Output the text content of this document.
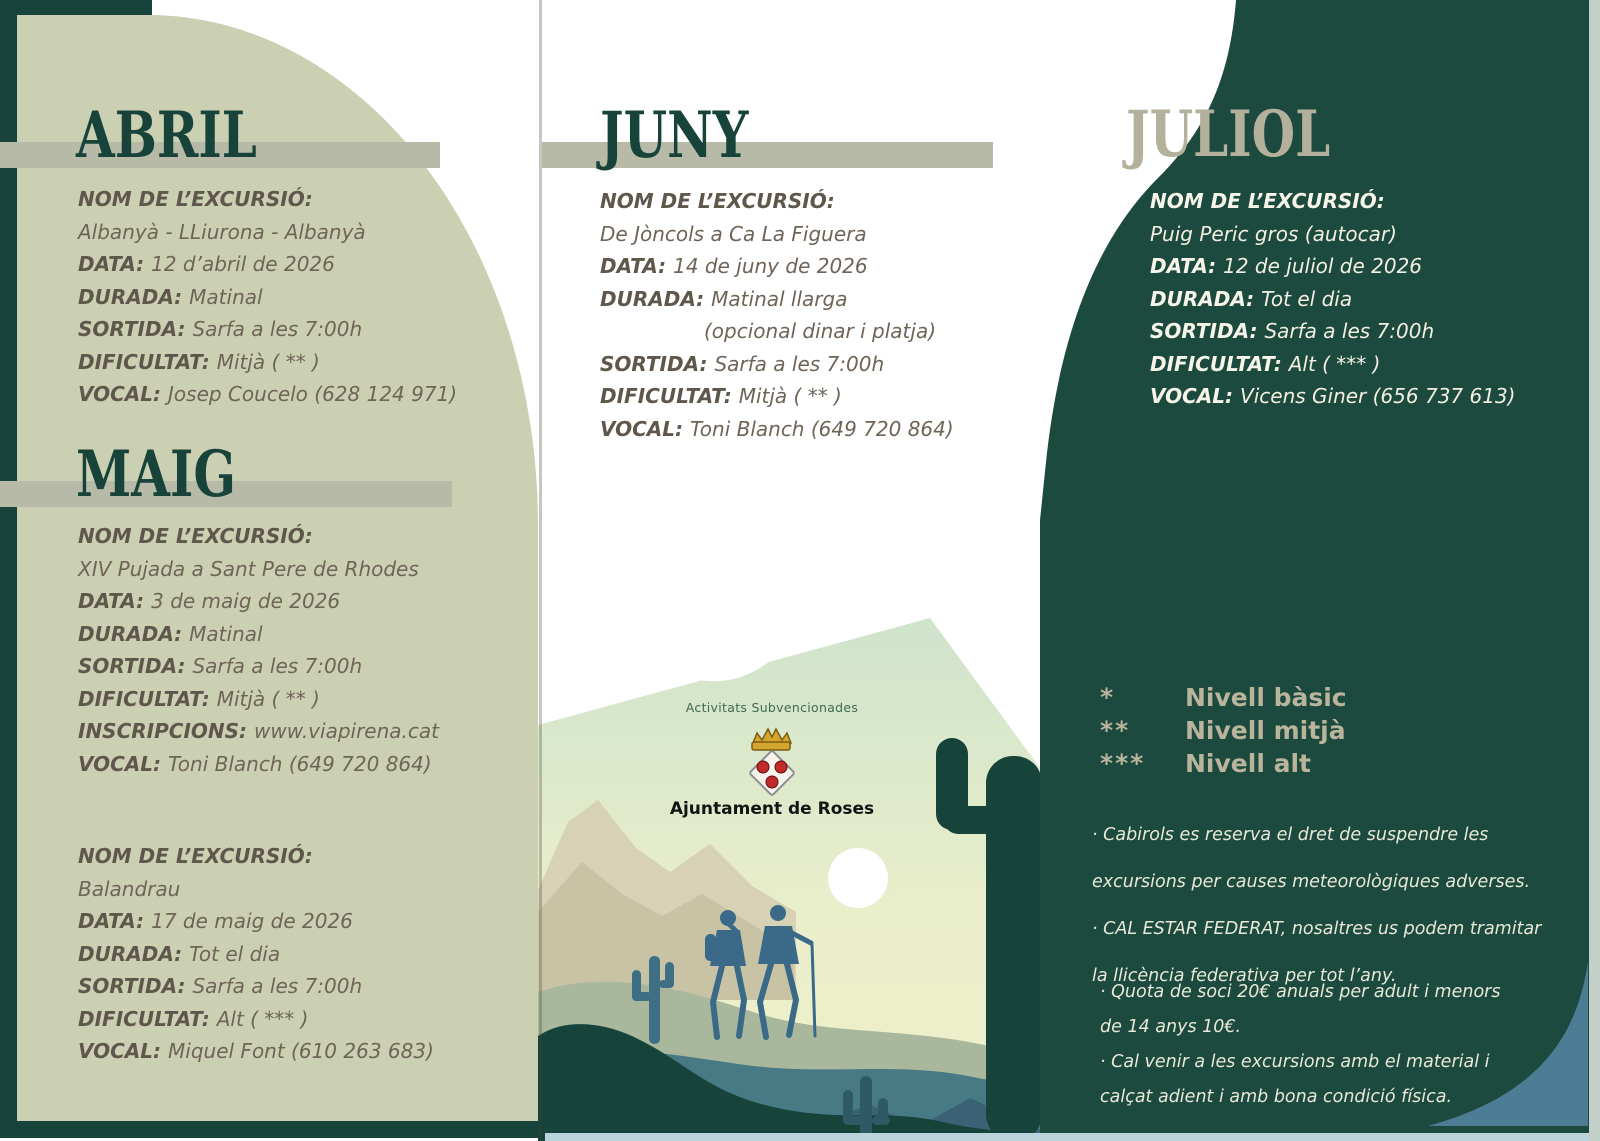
ABRIL
NOM DE L’EXCURSIÓ:
Albanyà - LLiurona - Albanyà
DATA: 12 d’abril de 2026
DURADA: Matinal
SORTIDA: Sarfa a les 7:00h
DIFICULTAT: Mitjà ( ** )
VOCAL: Josep Coucelo (628 124 971)
MAIG
NOM DE L’EXCURSIÓ:
XIV Pujada a Sant Pere de Rhodes
DATA: 3 de maig de 2026
DURADA: Matinal
SORTIDA: Sarfa a les 7:00h
DIFICULTAT: Mitjà ( ** )
INSCRIPCIONS: www.viapirena.cat
VOCAL: Toni Blanch (649 720 864)
NOM DE L’EXCURSIÓ:
Balandrau
DATA: 17 de maig de 2026
DURADA: Tot el dia
SORTIDA: Sarfa a les 7:00h
DIFICULTAT: Alt ( *** )
VOCAL: Miquel Font (610 263 683)
JUNY
NOM DE L’EXCURSIÓ:
De Jòncols a Ca La Figuera
DATA: 14 de juny de 2026
DURADA: Matinal llarga
(opcional dinar i platja)
SORTIDA: Sarfa a les 7:00h
DIFICULTAT: Mitjà ( ** )
VOCAL: Toni Blanch (649 720 864)
Activitats Subvencionades
Ajuntament de Roses
JULIOL
NOM DE L’EXCURSIÓ:
Puig Peric gros (autocar)
DATA: 12 de juliol de 2026
DURADA: Tot el dia
SORTIDA: Sarfa a les 7:00h
DIFICULTAT: Alt ( *** )
VOCAL: Vicens Giner (656 737 613)
*	Nivell bàsic
**	Nivell mitjà
***	Nivell alt
· Cabirols es reserva el dret de suspendre les
excursions per causes meteorològiques adverses.
· CAL ESTAR FEDERAT, nosaltres us podem tramitar
la llicència federativa per tot l’any.
· Quota de soci 20€ anuals per adult i menors
de 14 anys 10€.
· Cal venir a les excursions amb el material i
calçat adient i amb bona condició física.
